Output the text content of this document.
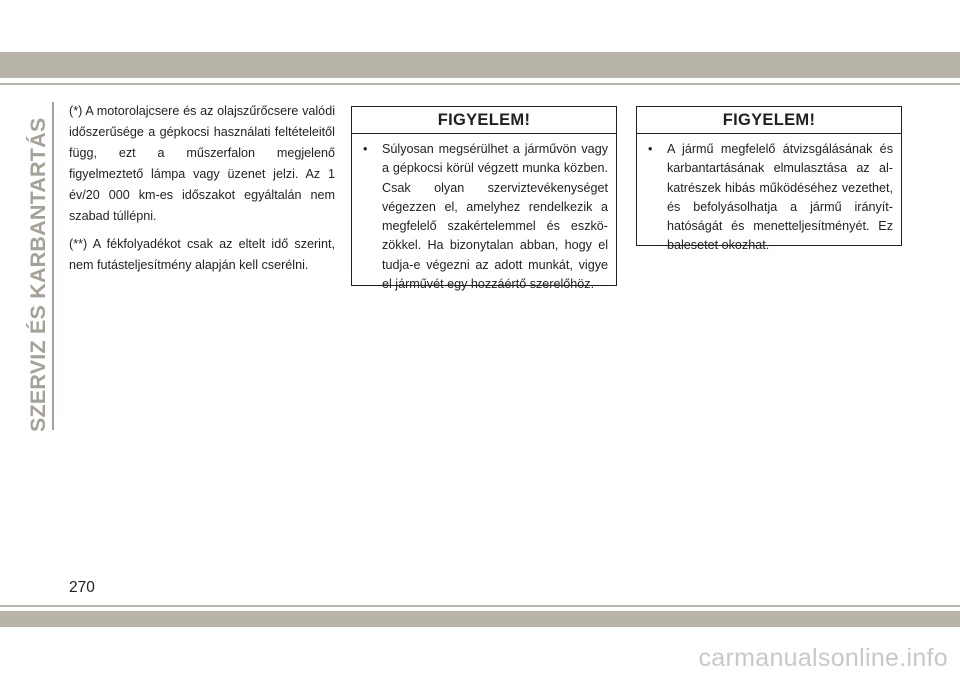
SZERVIZ ÉS KARBANTARTÁS

(*) A motorolajcsere és az olajszűrőcsere valódi időszerűsége a gépkocsi használati feltételeitől függ, ezt a műszerfalon megjelenő figyelmeztető lámpa vagy üzenet jelzi. Az 1 év/20 000 km-es időszakot egyáltalán nem szabad túllépni.

(**) A fékfolyadékot csak az eltelt idő szerint, nem futásteljesítmény alapján kell cserélni.

FIGYELEM!
• Súlyosan megsérülhet a járművön vagy a gépkocsi körül végzett munka közben. Csak olyan szerviztevékenységet végezzen el, amelyhez rendelkezik a megfelelő szakértelemmel és eszközökkel. Ha bizonytalan abban, hogy el tudja-e végezni az adott munkát, vigye el járművét egy hozzáértő szerelőhöz.
FIGYELEM!
• A jármű megfelelő átvizsgálásának és karbantartásának elmulasztása az alkatrészek hibás működéséhez vezethet, és befolyásolhatja a jármű irányíthatóságát és menetteljesítményét. Ez balesetet okozhat.
270
carmanualsonline.info
